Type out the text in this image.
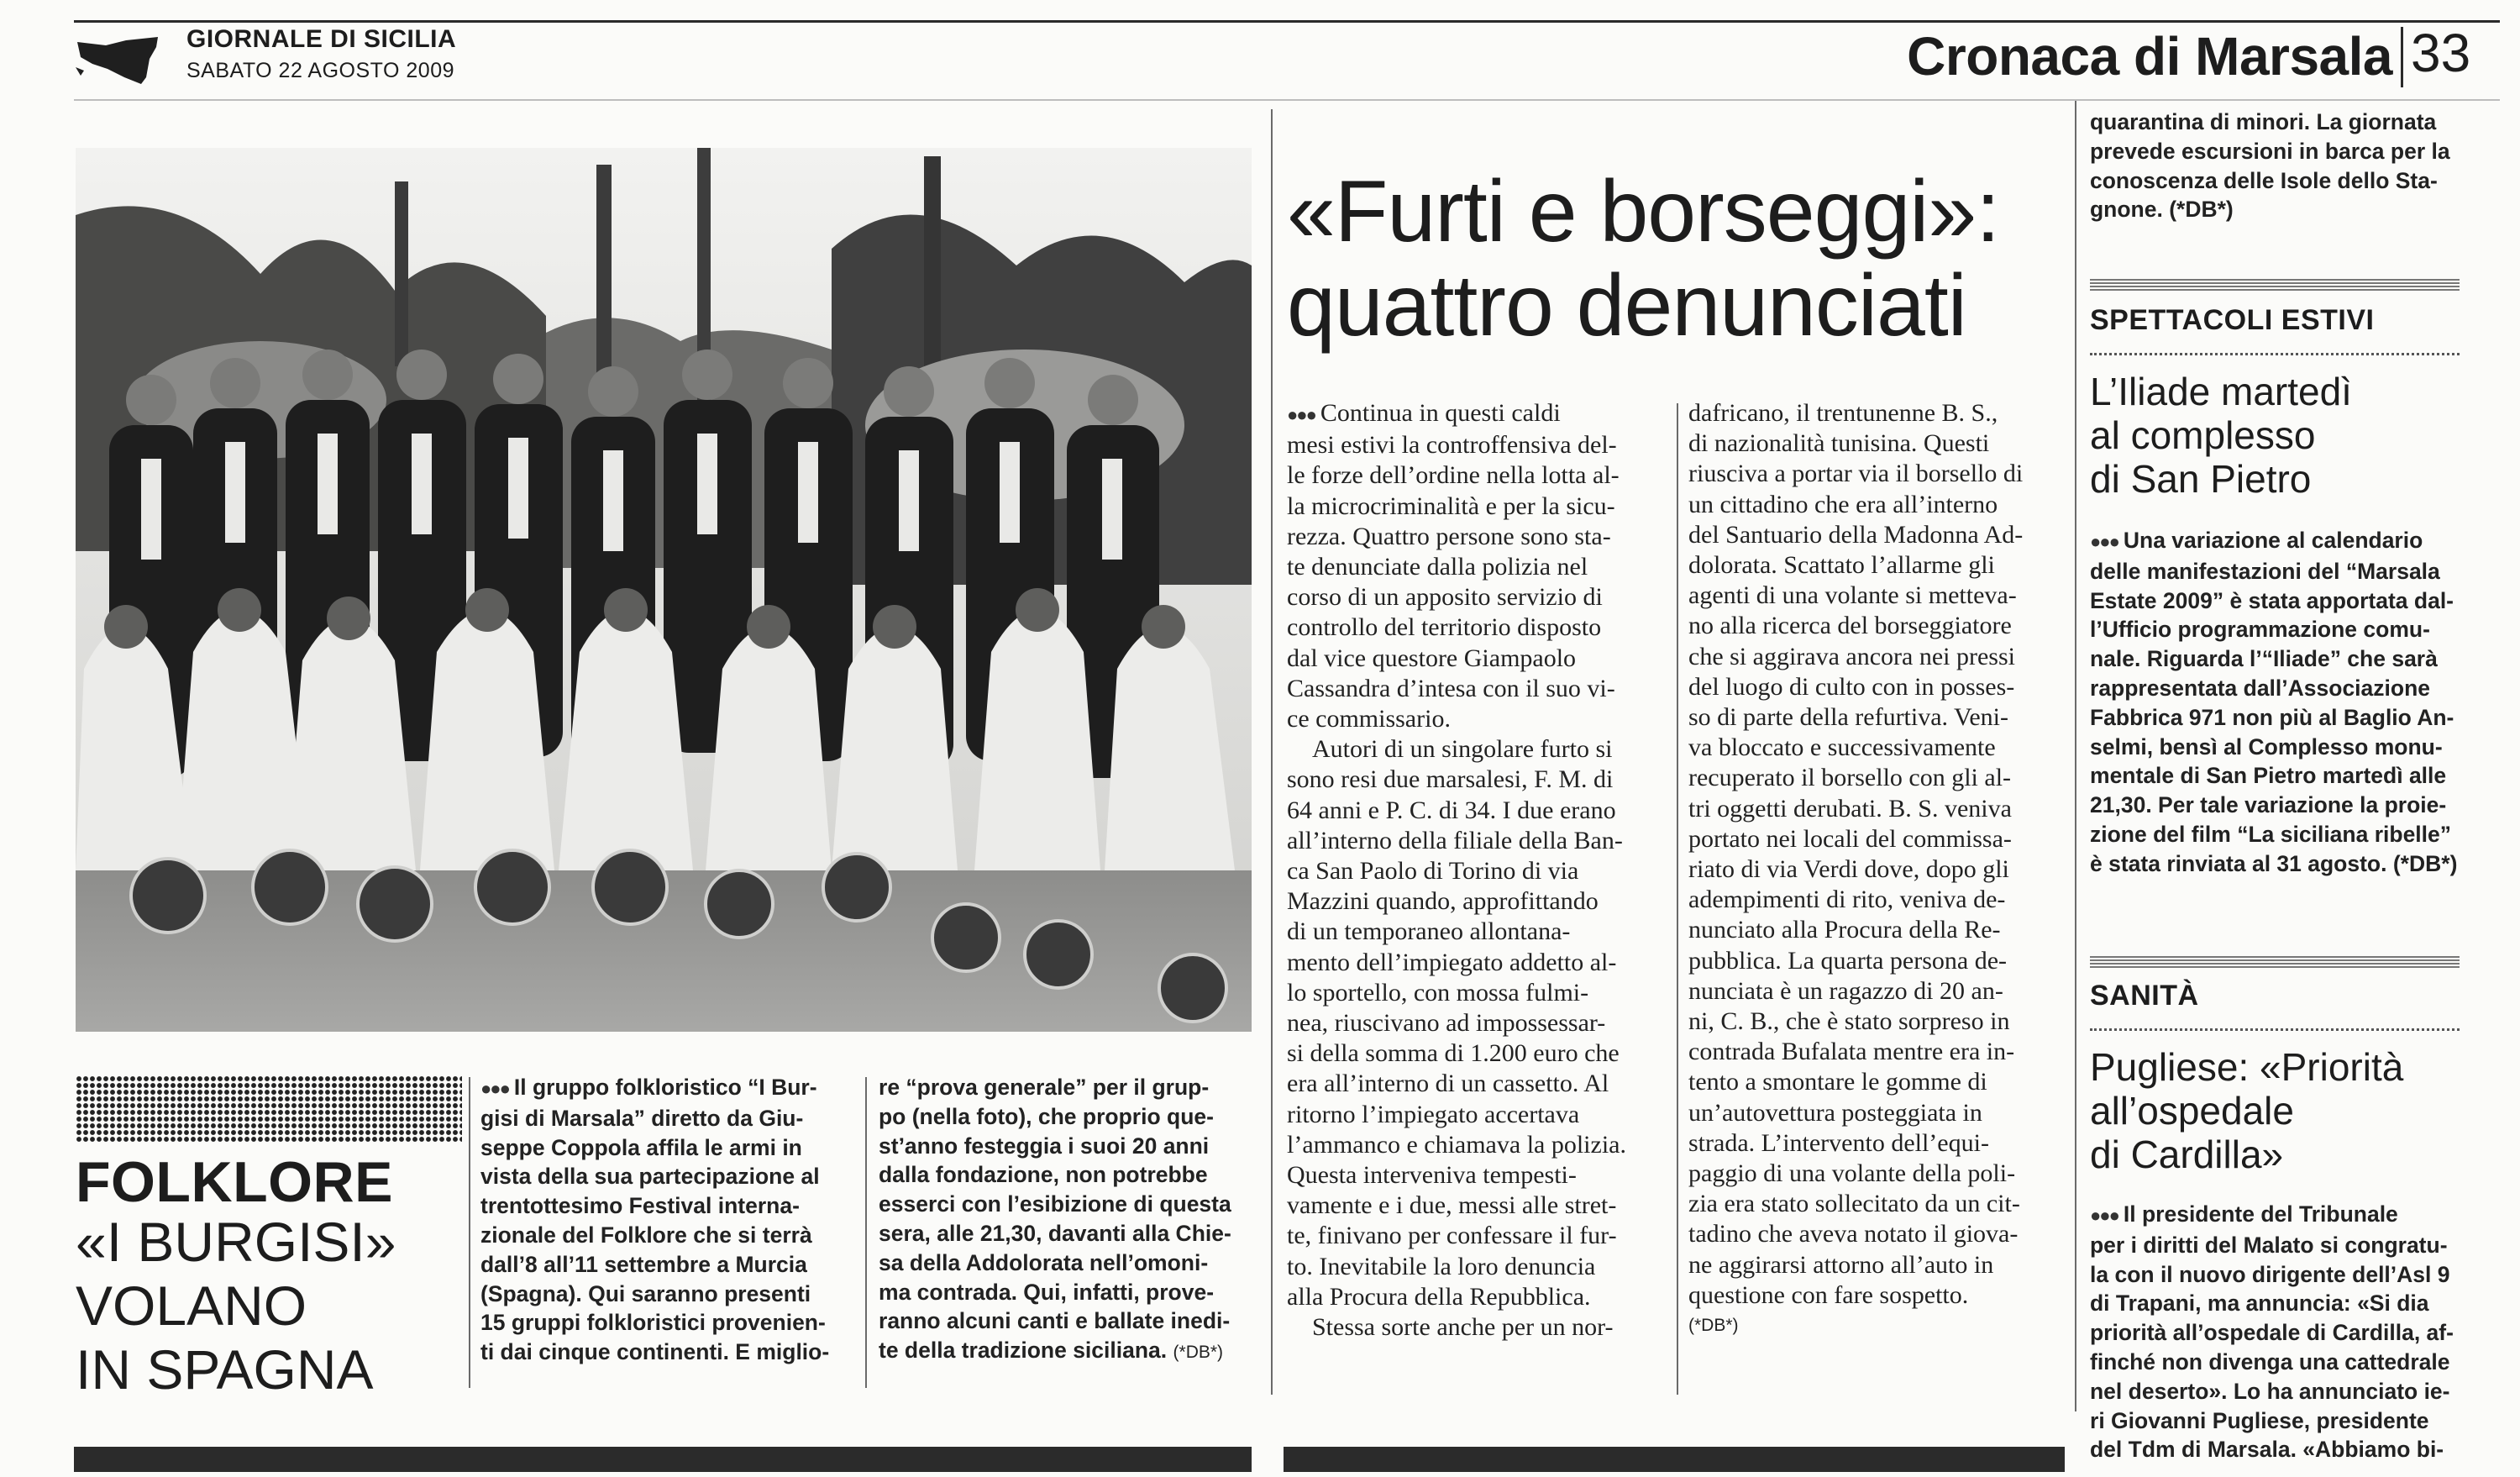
GIORNALE DI SICILIA
SABATO 22 AGOSTO 2009	Cronaca di Marsala 33
FOLKLORE
«I BURGISI»
VOLANO
IN SPAGNA
●●● Il gruppo folkloristico “I Bur-
gisi di Marsala” diretto da Giu-
seppe Coppola affila le armi in
vista della sua partecipazione al
trentottesimo Festival interna-
zionale del Folklore che si terrà
dall’8 all’11 settembre a Murcia
(Spagna). Qui saranno presenti
15 gruppi folkloristici provenien-
ti dai cinque continenti. E miglio-
re “prova generale” per il grup-
po (nella foto), che proprio que-
st’anno festeggia i suoi 20 anni
dalla fondazione, non potrebbe
esserci con l’esibizione di questa
sera, alle 21,30, davanti alla Chie-
sa della Addolorata nell’omoni-
ma contrada. Qui, infatti, prove-
ranno alcuni canti e ballate inedi-
te della tradizione siciliana. (*DB*)
«Furti e borseggi»:
quattro denunciati
●●● Continua in questi caldi
mesi estivi la controffensiva del-
le forze dell’ordine nella lotta al-
la microcriminalità e per la sicu-
rezza. Quattro persone sono sta-
te denunciate dalla polizia nel
corso di un apposito servizio di
controllo del territorio disposto
dal vice questore Giampaolo
Cassandra d’intesa con il suo vi-
ce commissario.
Autori di un singolare furto si
sono resi due marsalesi, F. M. di
64 anni e P. C. di 34. I due erano
all’interno della filiale della Ban-
ca San Paolo di Torino di via
Mazzini quando, approfittando
di un temporaneo allontana-
mento dell’impiegato addetto al-
lo sportello, con mossa fulmi-
nea, riuscivano ad impossessar-
si della somma di 1.200 euro che
era all’interno di un cassetto. Al
ritorno l’impiegato accertava
l’ammanco e chiamava la polizia.
Questa interveniva tempesti-
vamente e i due, messi alle stret-
te, finivano per confessare il fur-
to. Inevitabile la loro denuncia
alla Procura della Repubblica.
Stessa sorte anche per un nor-
dafricano, il trentunenne B. S.,
di nazionalità tunisina. Questi
riusciva a portar via il borsello di
un cittadino che era all’interno
del Santuario della Madonna Ad-
dolorata. Scattato l’allarme gli
agenti di una volante si metteva-
no alla ricerca del borseggiatore
che si aggirava ancora nei pressi
del luogo di culto con in posses-
so di parte della refurtiva. Veni-
va bloccato e successivamente
recuperato il borsello con gli al-
tri oggetti derubati. B. S. veniva
portato nei locali del commissa-
riato di via Verdi dove, dopo gli
adempimenti di rito, veniva de-
nunciato alla Procura della Re-
pubblica. La quarta persona de-
nunciata è un ragazzo di 20 an-
ni, C. B., che è stato sorpreso in
contrada Bufalata mentre era in-
tento a smontare le gomme di
un’autovettura posteggiata in
strada. L’intervento dell’equi-
paggio di una volante della poli-
zia era stato sollecitato da un cit-
tadino che aveva notato il giova-
ne aggirarsi attorno all’auto in
questione con fare sospetto.
(*DB*)
quarantina di minori. La giornata
prevede escursioni in barca per la
conoscenza delle Isole dello Sta-
gnone. (*DB*)
SPETTACOLI ESTIVI
L’Iliade martedì
al complesso
di San Pietro
●●● Una variazione al calendario
delle manifestazioni del “Marsala
Estate 2009” è stata apportata dal-
l’Ufficio programmazione comu-
nale. Riguarda l’“Iliade” che sarà
rappresentata dall’Associazione
Fabbrica 971 non più al Baglio An-
selmi, bensì al Complesso monu-
mentale di San Pietro martedì alle
21,30. Per tale variazione la proie-
zione del film “La siciliana ribelle”
è stata rinviata al 31 agosto. (*DB*)
SANITÀ
Pugliese: «Priorità
all’ospedale
di Cardilla»
●●● Il presidente del Tribunale
per i diritti del Malato si congratu-
la con il nuovo dirigente dell’Asl 9
di Trapani, ma annuncia: «Si dia
priorità all’ospedale di Cardilla, af-
finché non divenga una cattedrale
nel deserto». Lo ha annunciato ie-
ri Giovanni Pugliese, presidente
del Tdm di Marsala. «Abbiamo bi-
